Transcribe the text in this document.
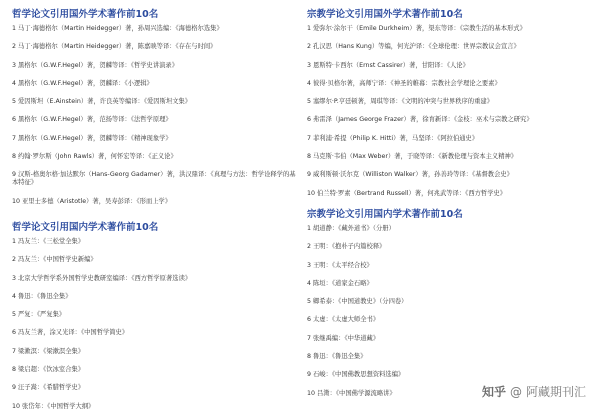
哲学论文引用国外学术著作前10名
1 马丁·海德格尔（Martin Heidegger）著，孙周兴选编：《海德格尔选集》
2 马丁·海德格尔（Martin Heidegger）著，陈嘉映等译：《存在与时间》
3 黑格尔（G.W.F.Hegel）著，贺麟等译：《哲学史讲演录》
4 黑格尔（G.W.F.Hegel）著，贺麟译：《小逻辑》
5 爱因斯坦（E.Ainstein）著，许良英等编译：《爱因斯坦文集》
6 黑格尔（G.W.F.Hegel）著，范扬等译：《法哲学原理》
7 黑格尔（G.W.F.Hegel）著，贺麟等译：《精神现象学》
8 约翰·罗尔斯（John Rawls）著，何怀宏等译：《正义论》
9 汉斯-格奥尔格·加达默尔（Hans-Georg Gadamer）著，洪汉鼎译：《真理与方法：哲学诠释学的基本特征》
10 亚里士多德（Aristotle）著，吴寿彭译：《形而上学》
宗教学论文引用国外学术著作前10名
1 爱弥尔·涂尔干（Emile Durkheim）著，渠东等译：《宗教生活的基本形式》
2 孔汉思（Hans Kung）等编，何光沪译：《全球伦理：世界宗教议会宣言》
3 恩斯特·卡西尔（Ernst Cassirer）著，甘阳译：《人论》
4 彼得·贝格尔著，高师宁译：《神圣的帷幕：宗教社会学理论之要素》
5 塞缪尔·P.亨廷顿著，周琪等译：《文明的冲突与世界秩序的重建》
6 弗雷泽（James George Frazer）著，徐育新译：《金枝：巫术与宗教之研究》
7 菲利浦·希提（Philip K. Hitti）著，马坚译：《阿拉伯通史》
8 马克斯·韦伯（Max Weber）著，于晓等译：《新教伦理与资本主义精神》
9 威利斯顿·沃尔克（Williston Walker）著，孙善玲等译：《基督教会史》
10 伯兰特·罗素（Bertrand Russell）著，何兆武等译：《西方哲学史》
哲学论文引用国内学术著作前10名
1 冯友兰：《三松堂全集》
2 冯友兰：《中国哲学史新编》
3 北京大学哲学系外国哲学史教研室编译：《西方哲学原著选读》
4 鲁迅：《鲁迅全集》
5 严复：《严复集》
6 冯友兰著，涂又光译：《中国哲学简史》
7 梁漱溟：《梁漱溟全集》
8 梁启超：《饮冰室合集》
9 汪子嵩：《希腊哲学史》
10 张岱年：《中国哲学大纲》
宗教学论文引用国内学术著作前10名
1 胡道静：《藏外道书》（分册）
2 王明：《抱朴子内篇校释》
3 王明：《太平经合校》
4 陈垣：《道家金石略》
5 卿希泰：《中国道教史》（分四卷）
6 太虚：《太虚大师全书》
7 张继禹编：《中华道藏》
8 鲁迅：《鲁迅全集》
9 石峻：《中国佛教思想资料选编》
10 吕澂：《中国佛学源流略讲》	知乎 @ 阿藏期刊汇
